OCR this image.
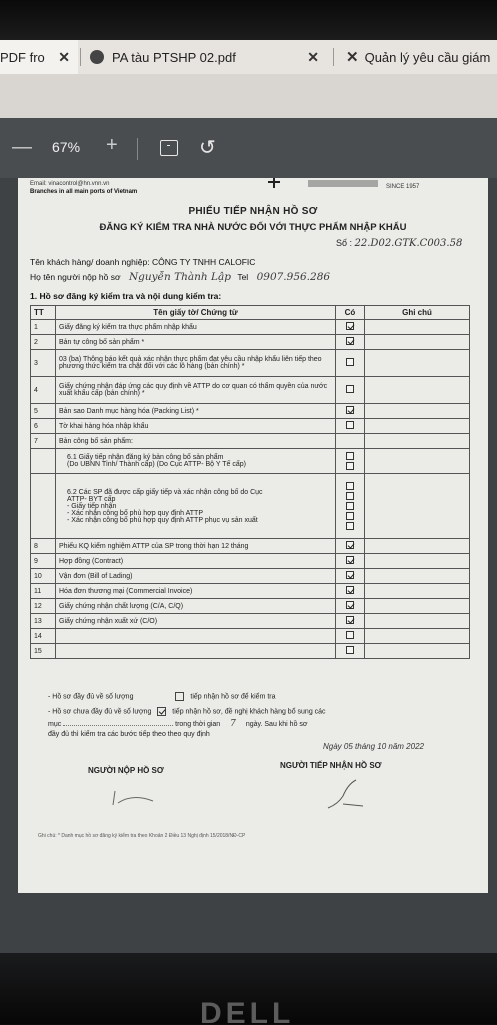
PDF fro ✕	PA tàu PTSHP 02.pdf	✕ ✕ Quản lý yêu cầu giám
— 67% +	↺
Email: vinacontrol@hn.vnn.vn
Branches in all main ports of Vietnam
SINCE 1957
PHIẾU TIẾP NHẬN HỒ SƠ
ĐĂNG KÝ KIỂM TRA NHÀ NƯỚC ĐỐI VỚI THỰC PHẨM NHẬP KHẨU
Số : 22.D02.GTK.C003.58
Tên khách hàng/ doanh nghiệp: CÔNG TY TNHH CALOFIC
Họ tên người nộp hồ sơ Nguyễn Thành Lập Tel 0907.956.286
1. Hồ sơ đăng ký kiểm tra và nội dung kiểm tra:
TT	Tên giấy tờ/ Chứng từ	Có	Ghi chú
1	Giấy đăng ký kiểm tra thực phẩm nhập khẩu		
2	Bản tự công bố sản phẩm *		
3	03 (ba) Thông báo kết quả xác nhận thực phẩm đạt yêu cầu nhập khẩu liên tiếp theo phương thức kiểm tra chặt đối với các lô hàng (bản chính) *		
4	Giấy chứng nhận đáp ứng các quy định về ATTP do cơ quan có thẩm quyền của nước xuất khẩu cấp (bản chính) *		
5	Bản sao Danh mục hàng hóa (Packing List) *		
6	Tờ khai hàng hóa nhập khẩu		
7	Bản công bố sản phẩm:		

	6.1 Giấy tiếp nhận đăng ký bản công bố sản phẩm
(Do UBNN Tỉnh/ Thành cấp) (Do Cục ATTP- Bộ Y Tế cấp)		

	6.2 Các SP đã được cấp giấy tiếp và xác nhận công bố do Cục
ATTP- BYT cấp
- Giấy tiếp nhận
- Xác nhận công bố phù hợp quy định ATTP
- Xác nhận công bố phù hợp quy định ATTP phục vụ sản xuất		

8	Phiếu KQ kiểm nghiệm ATTP của SP trong thời hạn 12 tháng		
9	Hợp đồng (Contract)		
10	Vận đơn (Bill of Lading)		
11	Hóa đơn thương mại (Commercial Invoice)		
12	Giấy chứng nhận chất lượng (C/A, C/Q)		
13	Giấy chứng nhận xuất xứ (C/O)		
14			
15			
- Hồ sơ đầy đủ về số lượng	tiếp nhận hồ sơ để kiểm tra
- Hồ sơ chưa đầy đủ về số lượng	tiếp nhận hồ sơ, đề nghị khách hàng bổ sung các
mục	trong thời gian 7 ngày. Sau khi hồ sơ
đầy đủ thì kiểm tra các bước tiếp theo theo quy định
Ngày 05 tháng 10 năm 2022
NGƯỜI NỘP HỒ SƠ
NGƯỜI TIẾP NHẬN HỒ SƠ
Ghi chú: * Danh mục hồ sơ đăng ký kiểm tra theo Khoản 2 Điều 13 Nghị định 15/2018/NĐ-CP
DELL
